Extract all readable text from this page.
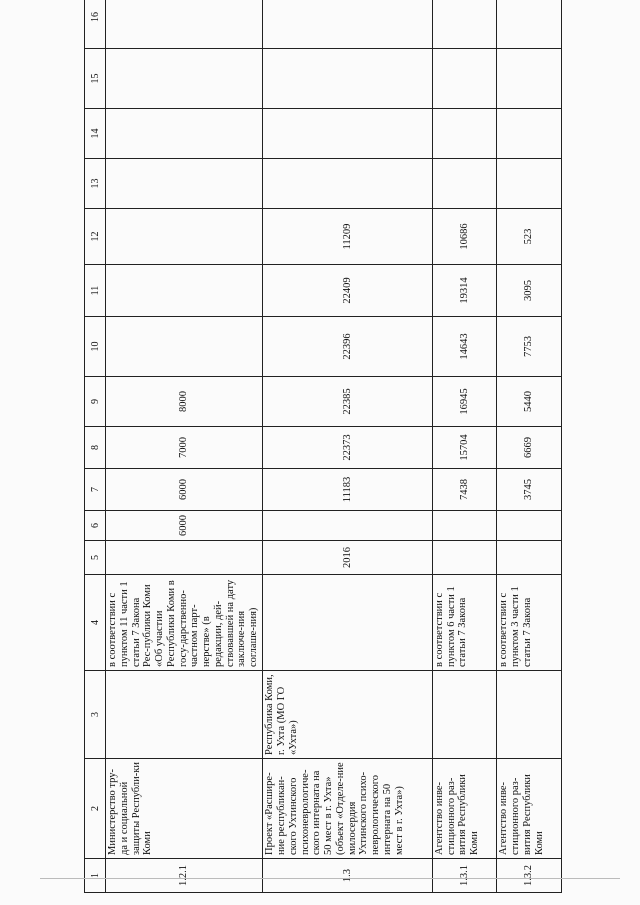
1	2	3	4	5	6	7	8	9	10	11	12	13	14	15	16
1.2.1	Министерство тру-да и социальной защиты Республи-ки Коми		в соответствии с пунктом 11 части 1 статьи 7 Закона Рес-публики Коми «Об участии Республики Коми в госу-дарственно-частном парт-нерстве» (в редакции, дей-ствовавшей на дату заключе-ния соглаше-ния)		6000	6000	7000	8000							
1.3	Проект «Расшире-ние республикан-ского Ухтинского психоневрологиче-ского интерната на 50 мест в г. Ухта» (объект «Отделе-ние милосердия Ухтинского психо-неврологического интерната на 50 мест в г. Ухта»)	Республика Коми, г. Ухта (МО ГО «Ухта»)		2016		11183	22373	22385	22396	22409	11209				
1.3.1	Агентство инве-стиционного раз-вития Республики Коми		в соответствии с пунктом 6 части 1 статьи 7 Закона			7438	15704	16945	14643	19314	10686				
1.3.2	Агентство инве-стиционного раз-вития Республики Коми		в соответствии с пунктом 3 части 1 статьи 7 Закона			3745	6669	5440	7753	3095	523				
